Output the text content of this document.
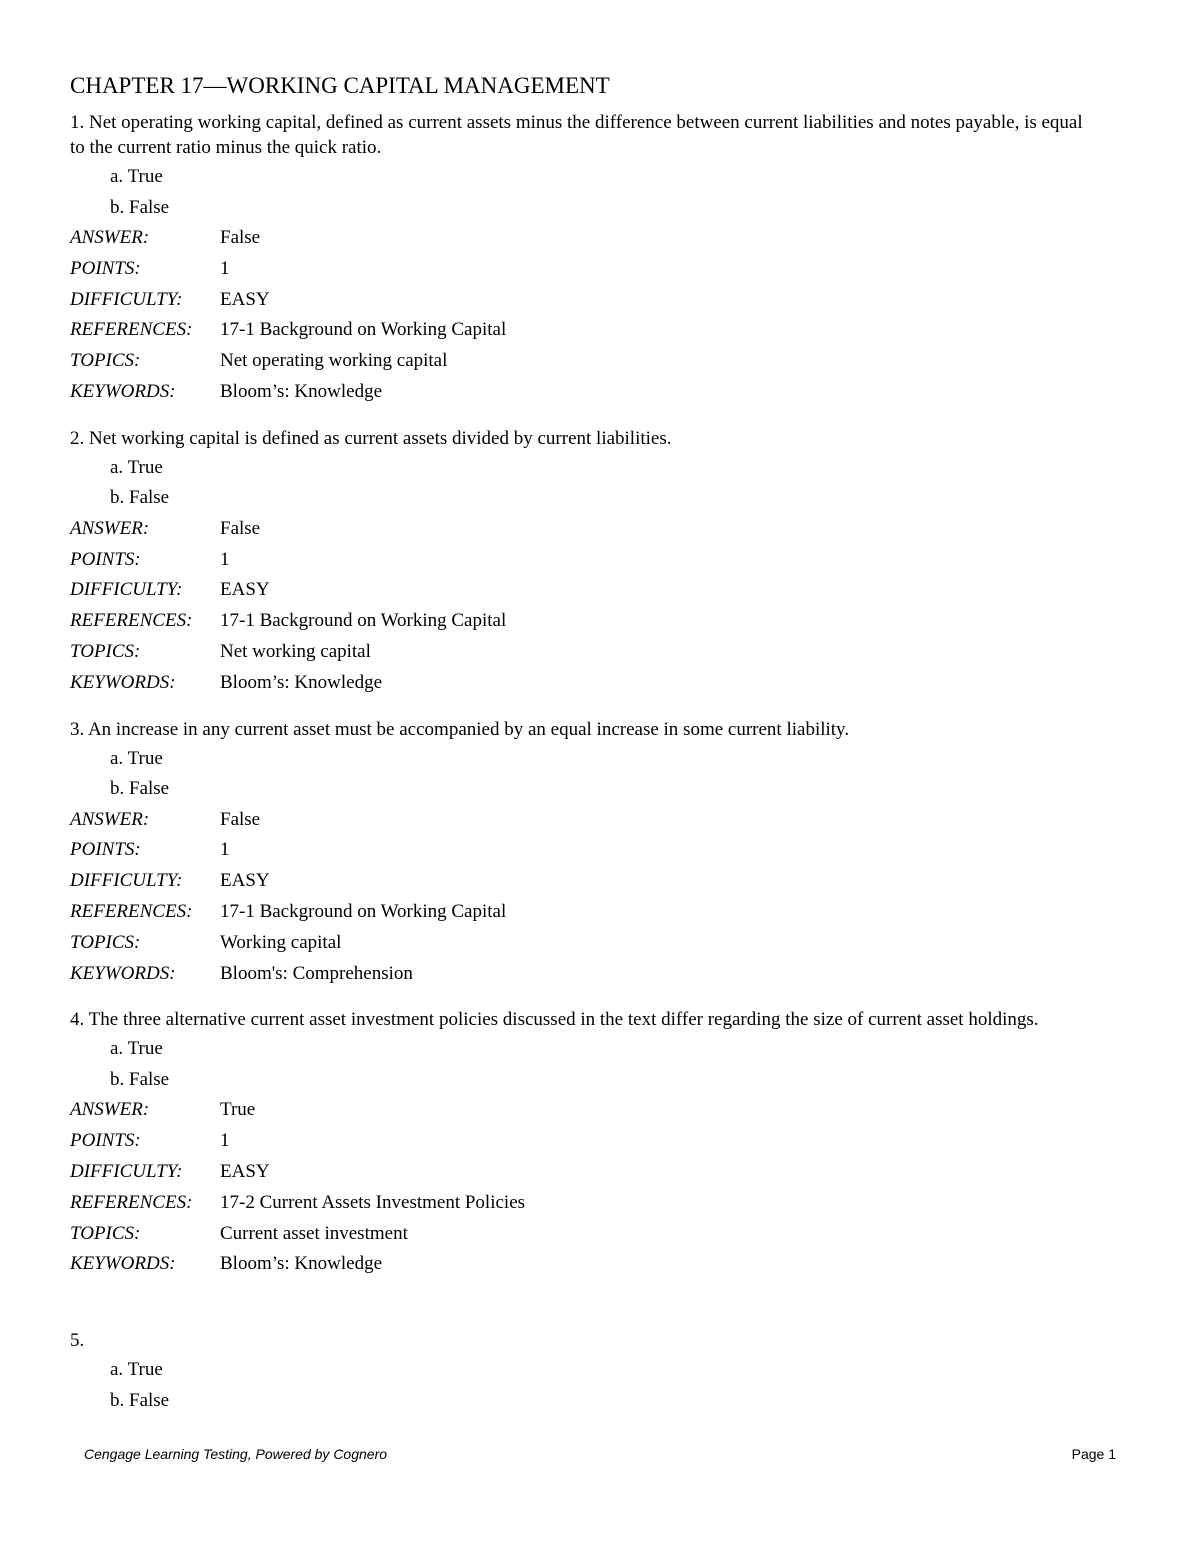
CHAPTER 17—WORKING CAPITAL MANAGEMENT
1. Net operating working capital, defined as current assets minus the difference between current liabilities and notes payable, is equal to the current ratio minus the quick ratio.
a. True
b. False
ANSWER:	False
POINTS:	1
DIFFICULTY:	EASY
REFERENCES:	17-1 Background on Working Capital
TOPICS:	Net operating working capital
KEYWORDS:	Bloom’s: Knowledge
2. Net working capital is defined as current assets divided by current liabilities.
a. True
b. False
ANSWER:	False
POINTS:	1
DIFFICULTY:	EASY
REFERENCES:	17-1 Background on Working Capital
TOPICS:	Net working capital
KEYWORDS:	Bloom’s: Knowledge
3. An increase in any current asset must be accompanied by an equal increase in some current liability.
a. True
b. False
ANSWER:	False
POINTS:	1
DIFFICULTY:	EASY
REFERENCES:	17-1 Background on Working Capital
TOPICS:	Working capital
KEYWORDS:	Bloom's: Comprehension
4. The three alternative current asset investment policies discussed in the text differ regarding the size of current asset holdings.
a. True
b. False
ANSWER:	True
POINTS:	1
DIFFICULTY:	EASY
REFERENCES:	17-2 Current Assets Investment Policies
TOPICS:	Current asset investment
KEYWORDS:	Bloom’s: Knowledge
5.
a. True
b. False
Cengage Learning Testing, Powered by Cognero	Page 1
